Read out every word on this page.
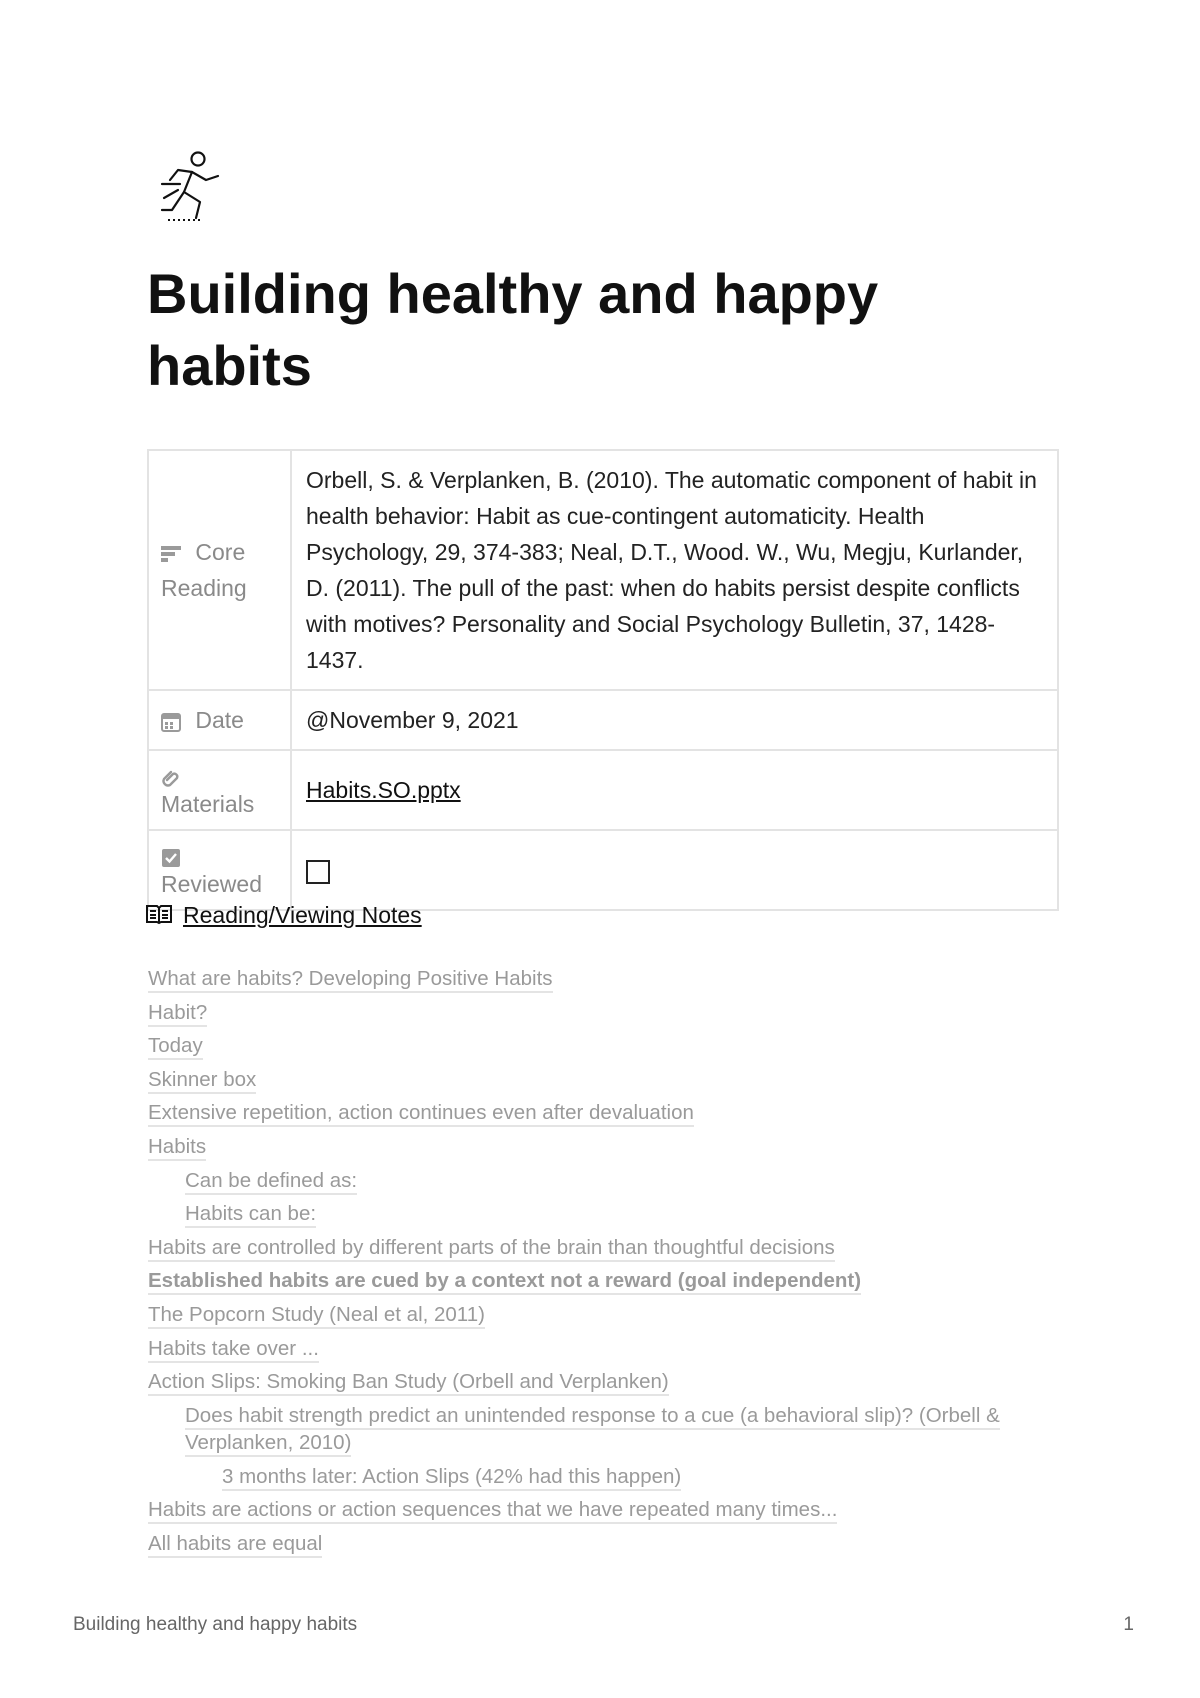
Building healthy and happy habits
Core
Reading	Orbell, S. & Verplanken, B. (2010). The automatic component of habit in health behavior: Habit as cue-contingent automaticity. Health Psychology, 29, 374-383; Neal, D.T., Wood. W., Wu, Megju, Kurlander, D. (2011). The pull of the past: when do habits persist despite conflicts with motives? Personality and Social Psychology Bulletin, 37, 1428- 1437.
Date	@November 9, 2021

Materials	Habits.SO.pptx

Reviewed	
Reading/Viewing Notes
What are habits? Developing Positive Habits
Habit?
Today
Skinner box
Extensive repetition, action continues even after devaluation
Habits
Can be defined as:
Habits can be:
Habits are controlled by different parts of the brain than thoughtful decisions
Established habits are cued by a context not a reward (goal independent)
The Popcorn Study (Neal et al, 2011)
Habits take over ...
Action Slips: Smoking Ban Study (Orbell and Verplanken)
Does habit strength predict an unintended response to a cue (a behavioral slip)? (Orbell & Verplanken, 2010)
3 months later: Action Slips (42% had this happen)
Habits are actions or action sequences that we have repeated many times...
All habits are equal
Building healthy and happy habits	1
